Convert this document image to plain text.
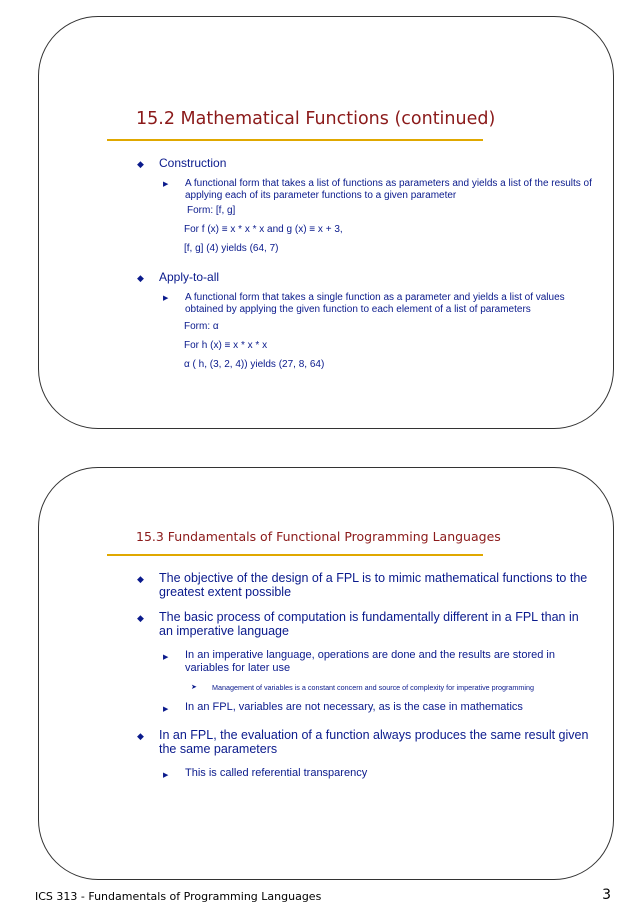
15.2 Mathematical Functions (continued)
◆ Construction
▶ A functional form that takes a list of functions as parameters and yields a list of the results of applying each of its parameter functions to a given parameter
Form: [f, g]
For f (x) ≡ x * x * x and g (x) ≡ x + 3,
[f, g] (4) yields (64, 7)
◆ Apply-to-all
▶ A functional form that takes a single function as a parameter and yields a list of values obtained by applying the given function to each element of a list of parameters
Form: α
For h (x) ≡ x * x * x
α ( h, (3, 2, 4)) yields (27, 8, 64)
15.3 Fundamentals of Functional Programming Languages
◆ The objective of the design of a FPL is to mimic mathematical functions to the greatest extent possible
◆ The basic process of computation is fundamentally different in a FPL than in an imperative language
▶ In an imperative language, operations are done and the results are stored in variables for later use
➤ Management of variables is a constant concern and source of complexity for imperative programming
▶ In an FPL, variables are not necessary, as is the case in mathematics
◆ In an FPL, the evaluation of a function always produces the same result given the same parameters
▶ This is called referential transparency
ICS 313 - Fundamentals of Programming Languages	3
